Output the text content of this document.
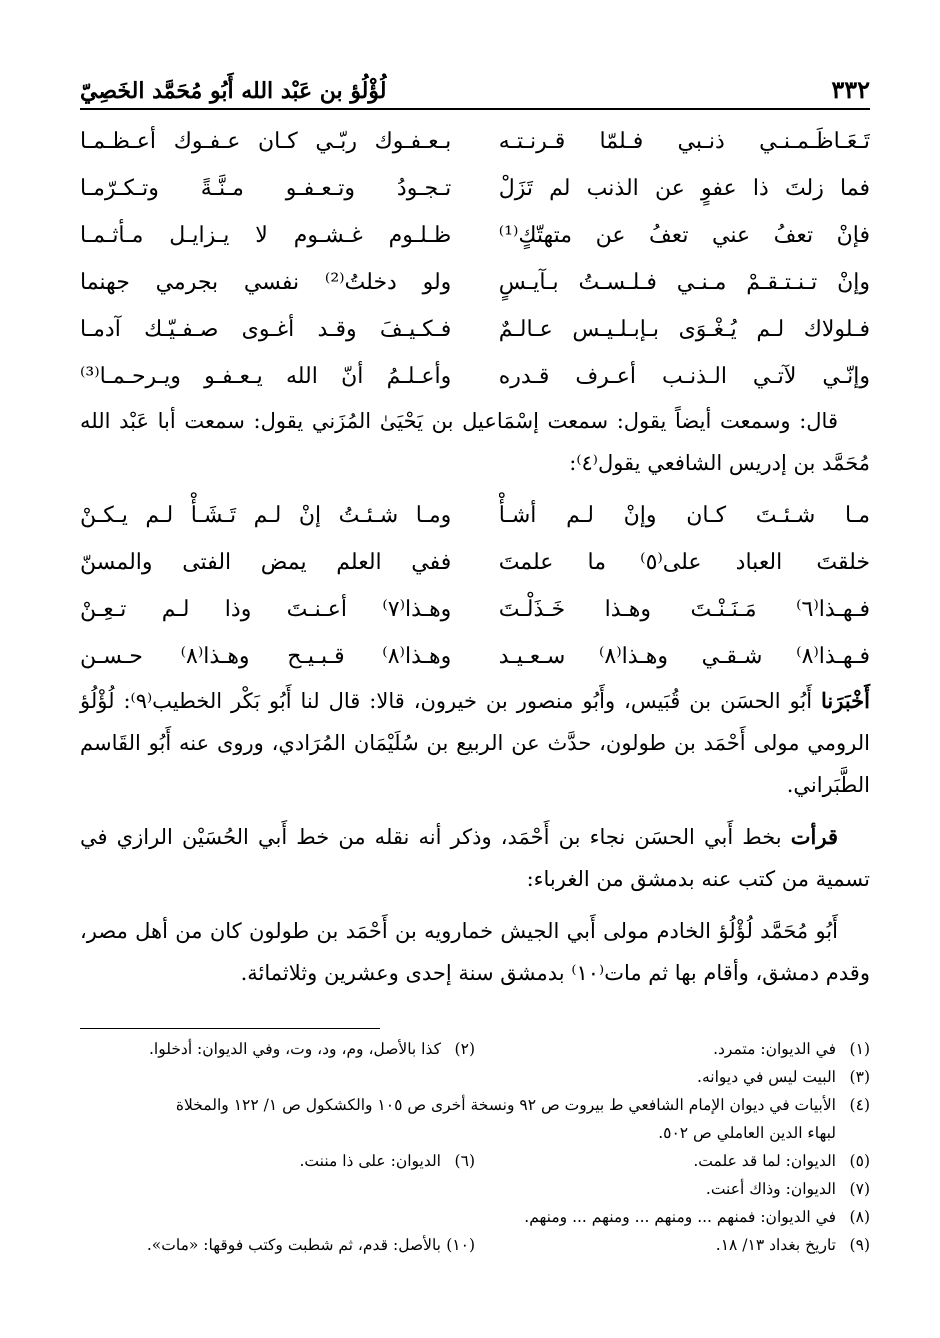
٣٣٢
لُؤْلُؤ بن عَبْد الله أَبُو مُحَمَّد الخَصِيّ
تَـعَـاظَـمـنـي ذنـبي فـلمّا قـرنـتـه
بـعـفـوك ربّـي كـان عـفـوك أعـظـمـا
فما زلتَ ذا عفوٍ عن الذنب لم تَزَلْ
تـجـودُ وتـعـفـو مـنَّـةً وتـكـرّمـا
فإنْ تعفُ عني تعفُ عن متهتّكٍ⁽¹⁾
ظـلـوم غـشـوم لا يـزايـل مـأثـمـا
وإنْ تـنـتـقـمْ مـنـي فـلـسـتُ بـآيـسٍ
ولو دخلتُ⁽²⁾ نفسي بجرمي جهنما
فـلولاك لـم يُـغْـوَى بـإبـلـيـس عـالـمٌ
فـكـيـفَ وقـد أغـوى صـفـيّـك آدمـا
وإنّـي لآتـي الـذنـب أعـرف قـدره
وأعـلـمُ أنّ الله يـعـفـو ويـرحـمـا⁽³⁾

قال: وسمعت أيضاً يقول: سمعت إسْمَاعيل بن يَحْيَىٰ المُزَني يقول: سمعت أبا عَبْد الله مُحَمَّد بن إدريس الشافعي يقول⁽٤⁾:

مـا شـئـتَ كـان وإنْ لـم أشـأْ
ومـا شـئـتُ إنْ لـم تَـشَـأْ لـم يـكـنْ
خلقتَ العباد على⁽٥⁾ ما علمتَ
ففي العلم يمض الفتى والمسنّ
فـهـذا⁽٦⁾ مَـنَـنْـتَ وهـذا خَـذَلْـتَ
وهـذا⁽٧⁾ أعـنـتَ وذا لـم تـعِـنْ
فـهـذا⁽٨⁾ شـقـي وهـذا⁽٨⁾ سـعـيـد
وهـذا⁽٨⁾ قـبـيـح وهـذا⁽٨⁾ حـسـن

أَخْبَرَنا أَبُو الحسَن بن قُبَيس، وأَبُو منصور بن خيرون، قالا: قال لنا أَبُو بَكْر الخطيب⁽٩⁾: لُؤْلُؤ الرومي مولى أَحْمَد بن طولون، حدَّث عن الربيع بن سُلَيْمَان المُرَادي، وروى عنه أَبُو القَاسم الطَّبَراني.

قرأت بخط أَبي الحسَن نجاء بن أَحْمَد، وذكر أنه نقله من خط أَبي الحُسَيْن الرازي في تسمية من كتب عنه بدمشق من الغرباء:

أَبُو مُحَمَّد لُؤْلُؤ الخادم مولى أَبي الجيش خمارويه بن أَحْمَد بن طولون كان من أهل مصر، وقدم دمشق، وأقام بها ثم مات⁽١٠⁾ بدمشق سنة إحدى وعشرين وثلاثمائة.

(١)في الديوان: متمرد.
(٢)كذا بالأصل، وم، ود، وت، وفي الديوان: أدخلوا.
(٣)البيت ليس في ديوانه.
(٤)الأبيات في ديوان الإمام الشافعي ط بيروت ص ٩٢ ونسخة أخرى ص ١٠٥ والكشكول ص ١/ ١٢٢ والمخلاة
لبهاء الدين العاملي ص ٥٠٢.
(٥)الديوان: لما قد علمت.
(٦)الديوان: على ذا مننت.
(٧)الديوان: وذاك أعنت.
(٨)في الديوان: فمنهم ... ومنهم ... ومنهم ... ومنهم.
(٩)تاريخ بغداد ١٣/ ١٨.
(١٠)بالأصل: قدم، ثم شطبت وكتب فوقها: «مات».
